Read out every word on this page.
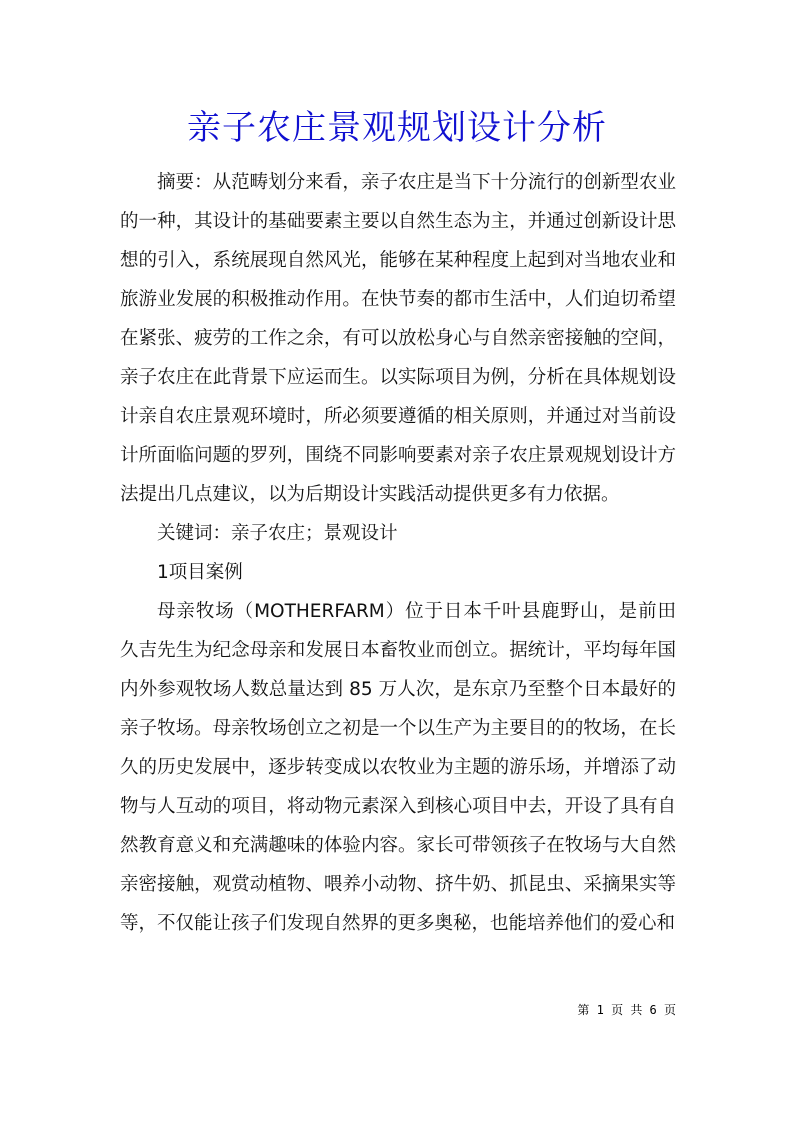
亲子农庄景观规划设计分析

摘要：从范畴划分来看，亲子农庄是当下十分流行的创新型农业的一种，其设计的基础要素主要以自然生态为主，并通过创新设计思想的引入，系统展现自然风光，能够在某种程度上起到对当地农业和旅游业发展的积极推动作用。在快节奏的都市生活中，人们迫切希望在紧张、疲劳的工作之余，有可以放松身心与自然亲密接触的空间，亲子农庄在此背景下应运而生。以实际项目为例，分析在具体规划设计亲自农庄景观环境时，所必须要遵循的相关原则，并通过对当前设计所面临问题的罗列，围绕不同影响要素对亲子农庄景观规划设计方法提出几点建议，以为后期设计实践活动提供更多有力依据。

关键词：亲子农庄；景观设计

1项目案例

母亲牧场（MOTHERFARM）位于日本千叶县鹿野山，是前田久吉先生为纪念母亲和发展日本畜牧业而创立。据统计，平均每年国内外参观牧场人数总量达到 85 万人次，是东京乃至整个日本最好的亲子牧场。母亲牧场创立之初是一个以生产为主要目的的牧场，在长久的历史发展中，逐步转变成以农牧业为主题的游乐场，并增添了动物与人互动的项目，将动物元素深入到核心项目中去，开设了具有自然教育意义和充满趣味的体验内容。家长可带领孩子在牧场与大自然亲密接触，观赏动植物、喂养小动物、挤牛奶、抓昆虫、采摘果实等等，不仅能让孩子们发现自然界的更多奥秘，也能培养他们的爱心和

第 1 页 共 6 页
